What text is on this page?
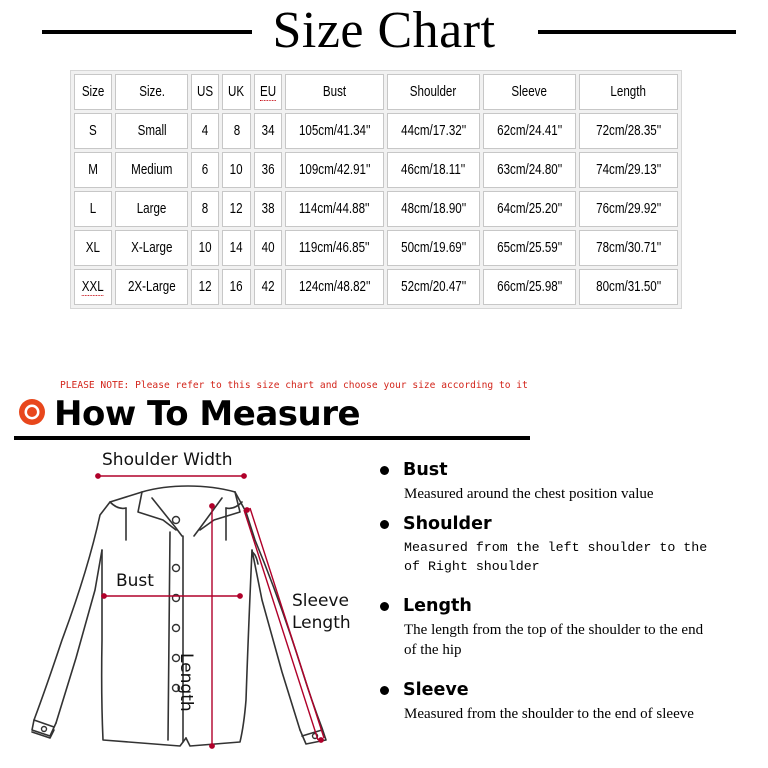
Size Chart
Size	Size.	US	UK	EU	Bust	Shoulder	Sleeve	Length
S	Small	4	8	34	105cm/41.34''	44cm/17.32''	62cm/24.41''	72cm/28.35''
M	Medium	6	10	36	109cm/42.91''	46cm/18.11''	63cm/24.80''	74cm/29.13''
L	Large	8	12	38	114cm/44.88''	48cm/18.90''	64cm/25.20''	76cm/29.92''
XL	X-Large	10	14	40	119cm/46.85''	50cm/19.69''	65cm/25.59''	78cm/30.71''
XXL	2X-Large	12	16	42	124cm/48.82''	52cm/20.47''	66cm/25.98''	80cm/31.50''
PLEASE NOTE: Please refer to this size chart and choose your size according to it
How To Measure
Shoulder Width
Bust
Sleeve
Length
Length
Bust
Measured around the chest position value
Shoulder
Measured from the left shoulder to the of Right shoulder
Length
The length from the top of the shoulder to the end of the hip
Sleeve
Measured from the shoulder to the end of sleeve
